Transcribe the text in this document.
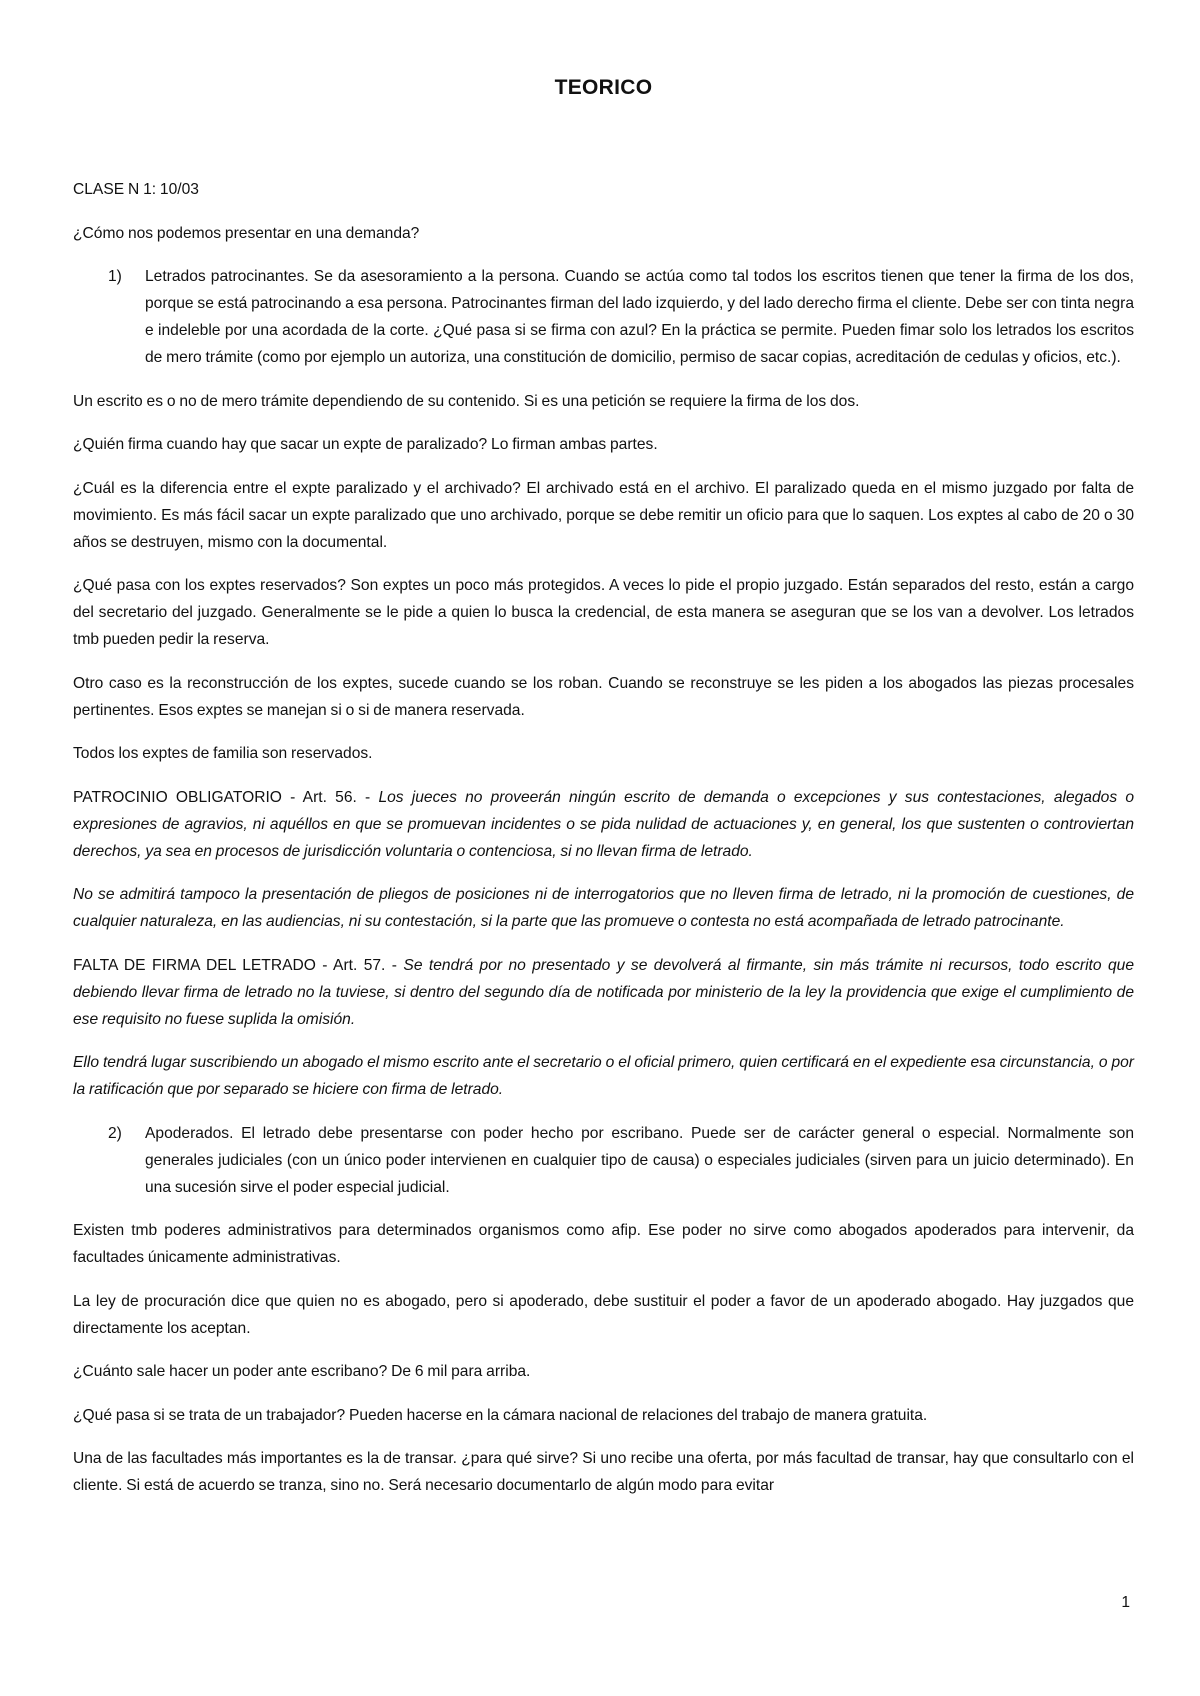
TEORICO

CLASE N 1: 10/03

¿Cómo nos podemos presentar en una demanda?

1)	Letrados patrocinantes. Se da asesoramiento a la persona. Cuando se actúa como tal todos los escritos tienen que tener la firma de los dos, porque se está patrocinando a esa persona. Patrocinantes firman del lado izquierdo, y del lado derecho firma el cliente. Debe ser con tinta negra e indeleble por una acordada de la corte. ¿Qué pasa si se firma con azul? En la práctica se permite. Pueden fimar solo los letrados los escritos de mero trámite (como por ejemplo un autoriza, una constitución de domicilio, permiso de sacar copias, acreditación de cedulas y oficios, etc.).

Un escrito es o no de mero trámite dependiendo de su contenido. Si es una petición se requiere la firma de los dos.

¿Quién firma cuando hay que sacar un expte de paralizado? Lo firman ambas partes.

¿Cuál es la diferencia entre el expte paralizado y el archivado? El archivado está en el archivo. El paralizado queda en el mismo juzgado por falta de movimiento. Es más fácil sacar un expte paralizado que uno archivado, porque se debe remitir un oficio para que lo saquen. Los exptes al cabo de 20 o 30 años se destruyen, mismo con la documental.

¿Qué pasa con los exptes reservados? Son exptes un poco más protegidos. A veces lo pide el propio juzgado. Están separados del resto, están a cargo del secretario del juzgado. Generalmente se le pide a quien lo busca la credencial, de esta manera se aseguran que se los van a devolver. Los letrados tmb pueden pedir la reserva.

Otro caso es la reconstrucción de los exptes, sucede cuando se los roban. Cuando se reconstruye se les piden a los abogados las piezas procesales pertinentes. Esos exptes se manejan si o si de manera reservada.

Todos los exptes de familia son reservados.

PATROCINIO OBLIGATORIO - Art. 56. - Los jueces no proveerán ningún escrito de demanda o excepciones y sus contestaciones, alegados o expresiones de agravios, ni aquéllos en que se promuevan incidentes o se pida nulidad de actuaciones y, en general, los que sustenten o controviertan derechos, ya sea en procesos de jurisdicción voluntaria o contenciosa, si no llevan firma de letrado.

No se admitirá tampoco la presentación de pliegos de posiciones ni de interrogatorios que no lleven firma de letrado, ni la promoción de cuestiones, de cualquier naturaleza, en las audiencias, ni su contestación, si la parte que las promueve o contesta no está acompañada de letrado patrocinante.

FALTA DE FIRMA DEL LETRADO - Art. 57. - Se tendrá por no presentado y se devolverá al firmante, sin más trámite ni recursos, todo escrito que debiendo llevar firma de letrado no la tuviese, si dentro del segundo día de notificada por ministerio de la ley la providencia que exige el cumplimiento de ese requisito no fuese suplida la omisión.

Ello tendrá lugar suscribiendo un abogado el mismo escrito ante el secretario o el oficial primero, quien certificará en el expediente esa circunstancia, o por la ratificación que por separado se hiciere con firma de letrado.

2)	Apoderados. El letrado debe presentarse con poder hecho por escribano. Puede ser de carácter general o especial. Normalmente son generales judiciales (con un único poder intervienen en cualquier tipo de causa) o especiales judiciales (sirven para un juicio determinado). En una sucesión sirve el poder especial judicial.

Existen tmb poderes administrativos para determinados organismos como afip. Ese poder no sirve como abogados apoderados para intervenir, da facultades únicamente administrativas.

La ley de procuración dice que quien no es abogado, pero si apoderado, debe sustituir el poder a favor de un apoderado abogado. Hay juzgados que directamente los aceptan.

¿Cuánto sale hacer un poder ante escribano? De 6 mil para arriba.

¿Qué pasa si se trata de un trabajador? Pueden hacerse en la cámara nacional de relaciones del trabajo de manera gratuita.

Una de las facultades más importantes es la de transar. ¿para qué sirve? Si uno recibe una oferta, por más facultad de transar, hay que consultarlo con el cliente. Si está de acuerdo se tranza, sino no. Será necesario documentarlo de algún modo para evitar

1
